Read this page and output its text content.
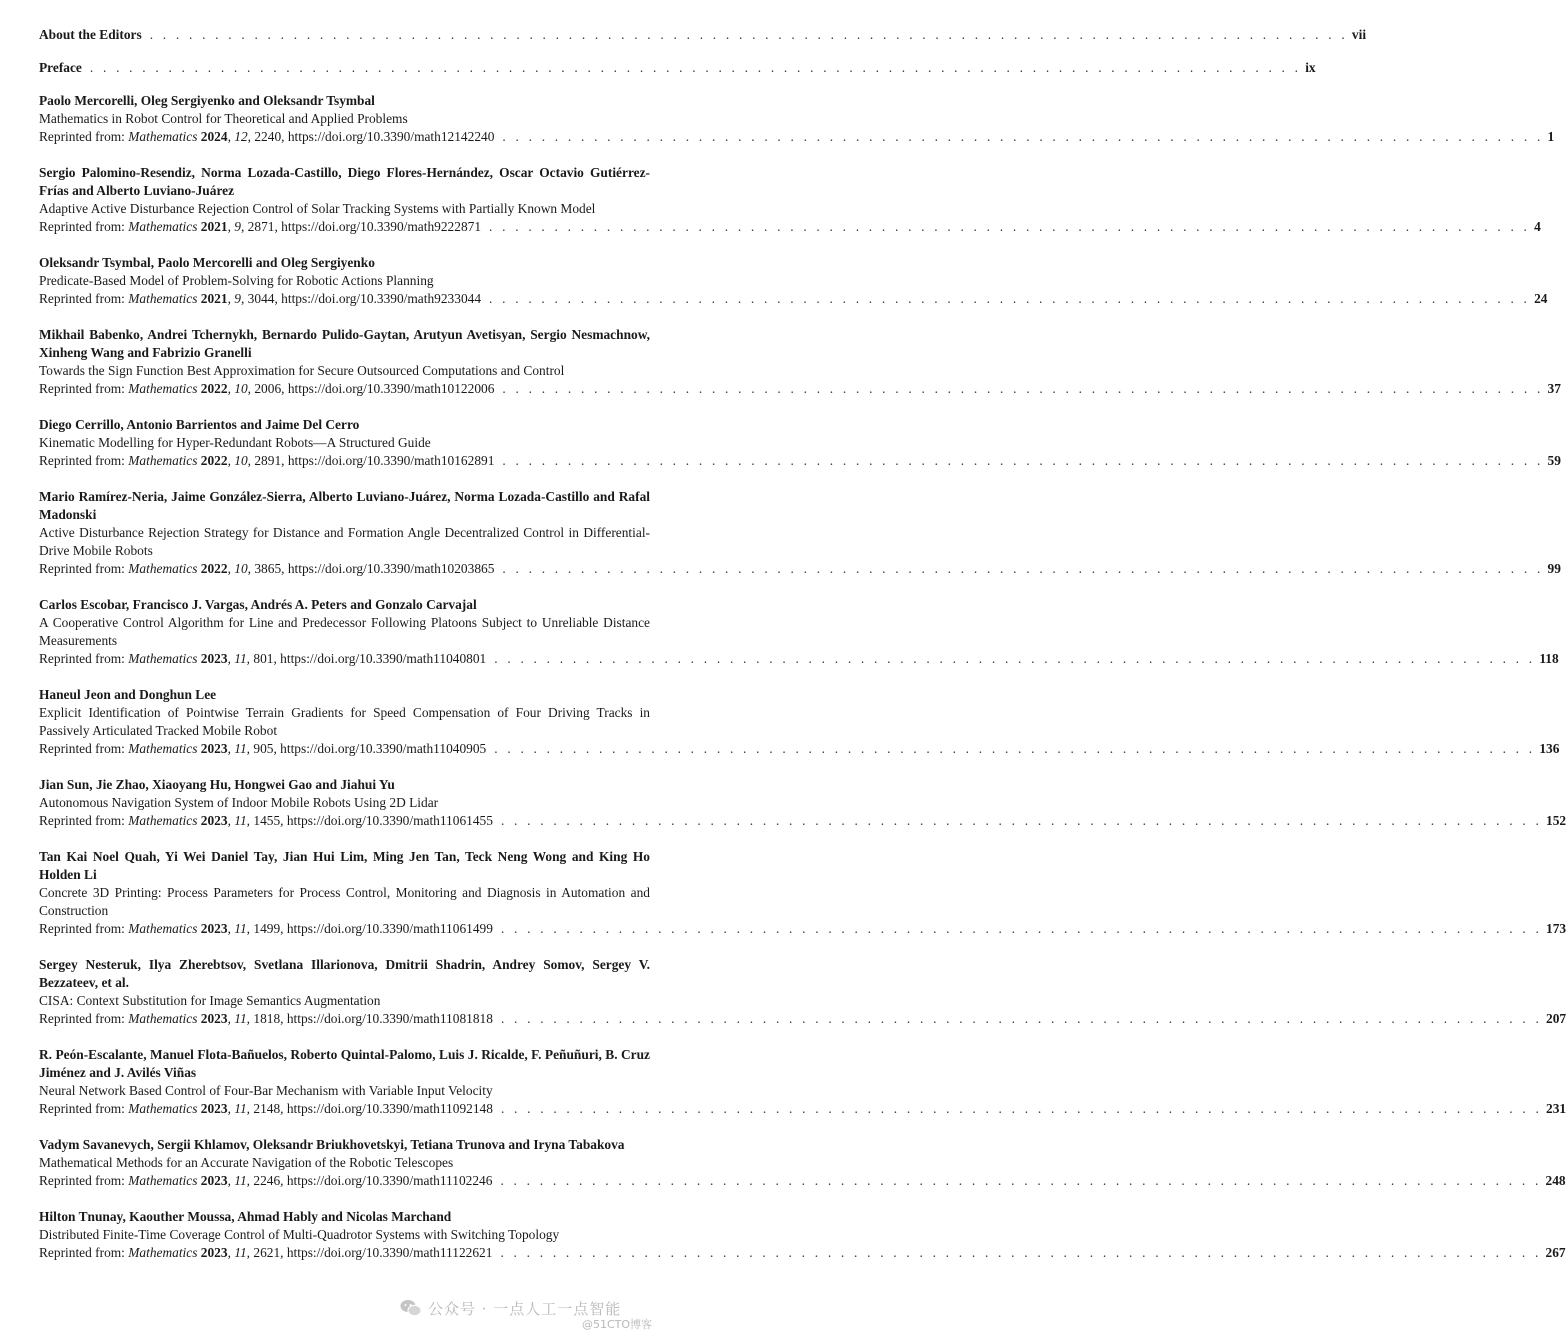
About the Editors . . . . . . . . . . . . . . . . . . . . . . . . . . . . . . . . . . . . . . . . . . . . . . . . . . . . . . . . . . . . . . . . . . . . . . . . . . . . . . . . . . . . . . . . . . . . vii
Preface . . . . . . . . . . . . . . . . . . . . . . . . . . . . . . . . . . . . . . . . . . . . . . . . . . . . . . . . . . . . . . . . . . . . . . . . . . . . . . . . . . . . . . . . . . . . . ix
Paolo Mercorelli, Oleg Sergiyenko and Oleksandr Tsymbal
Mathematics in Robot Control for Theoretical and Applied Problems
Reprinted from: Mathematics 2024, 12, 2240, https://doi.org/10.3390/math12142240 . . . . . . . . . . . . . . . . . . . . . . . . . . . . . . . . . . . . . . . . . . . . . . . . . . . . . . . . . . . . . . . . . . . . . . . . . . . . . . . . 1
Sergio Palomino-Resendiz, Norma Lozada-Castillo, Diego Flores-Hernández, Oscar Octavio Gutiérrez-Frías and Alberto Luviano-Juárez
Adaptive Active Disturbance Rejection Control of Solar Tracking Systems with Partially Known Model
Reprinted from: Mathematics 2021, 9, 2871, https://doi.org/10.3390/math9222871 . . . . . . . . . . . . . . . . . . . . . . . . . . . . . . . . . . . . . . . . . . . . . . . . . . . . . . . . . . . . . . . . . . . . . . . . . . . . . . . . 4
Oleksandr Tsymbal, Paolo Mercorelli and Oleg Sergiyenko
Predicate-Based Model of Problem-Solving for Robotic Actions Planning
Reprinted from: Mathematics 2021, 9, 3044, https://doi.org/10.3390/math9233044 . . . . . . . . . . . . . . . . . . . . . . . . . . . . . . . . . . . . . . . . . . . . . . . . . . . . . . . . . . . . . . . . . . . . . . . . . . . . . . . . 24
Mikhail Babenko, Andrei Tchernykh, Bernardo Pulido-Gaytan, Arutyun Avetisyan, Sergio Nesmachnow, Xinheng Wang and Fabrizio Granelli
Towards the Sign Function Best Approximation for Secure Outsourced Computations and Control
Reprinted from: Mathematics 2022, 10, 2006, https://doi.org/10.3390/math10122006 . . . . . . . . . . . . . . . . . . . . . . . . . . . . . . . . . . . . . . . . . . . . . . . . . . . . . . . . . . . . . . . . . . . . . . . . . . . . . . . . 37
Diego Cerrillo, Antonio Barrientos and Jaime Del Cerro
Kinematic Modelling for Hyper-Redundant Robots—A Structured Guide
Reprinted from: Mathematics 2022, 10, 2891, https://doi.org/10.3390/math10162891 . . . . . . . . . . . . . . . . . . . . . . . . . . . . . . . . . . . . . . . . . . . . . . . . . . . . . . . . . . . . . . . . . . . . . . . . . . . . . . . . 59
Mario Ramírez-Neria, Jaime González-Sierra, Alberto Luviano-Juárez, Norma Lozada-Castillo and Rafal Madonski
Active Disturbance Rejection Strategy for Distance and Formation Angle Decentralized Control in Differential-Drive Mobile Robots
Reprinted from: Mathematics 2022, 10, 3865, https://doi.org/10.3390/math10203865 . . . . . . . . . . . . . . . . . . . . . . . . . . . . . . . . . . . . . . . . . . . . . . . . . . . . . . . . . . . . . . . . . . . . . . . . . . . . . . . . 99
Carlos Escobar, Francisco J. Vargas, Andrés A. Peters and Gonzalo Carvajal
A Cooperative Control Algorithm for Line and Predecessor Following Platoons Subject to Unreliable Distance Measurements
Reprinted from: Mathematics 2023, 11, 801, https://doi.org/10.3390/math11040801 . . . . . . . . . . . . . . . . . . . . . . . . . . . . . . . . . . . . . . . . . . . . . . . . . . . . . . . . . . . . . . . . . . . . . . . . . . . . . . . . 118
Haneul Jeon and Donghun Lee
Explicit Identification of Pointwise Terrain Gradients for Speed Compensation of Four Driving Tracks in Passively Articulated Tracked Mobile Robot
Reprinted from: Mathematics 2023, 11, 905, https://doi.org/10.3390/math11040905 . . . . . . . . . . . . . . . . . . . . . . . . . . . . . . . . . . . . . . . . . . . . . . . . . . . . . . . . . . . . . . . . . . . . . . . . . . . . . . . . 136
Jian Sun, Jie Zhao, Xiaoyang Hu, Hongwei Gao and Jiahui Yu
Autonomous Navigation System of Indoor Mobile Robots Using 2D Lidar
Reprinted from: Mathematics 2023, 11, 1455, https://doi.org/10.3390/math11061455 . . . . . . . . . . . . . . . . . . . . . . . . . . . . . . . . . . . . . . . . . . . . . . . . . . . . . . . . . . . . . . . . . . . . . . . . . . . . . . . . 152
Tan Kai Noel Quah, Yi Wei Daniel Tay, Jian Hui Lim, Ming Jen Tan, Teck Neng Wong and King Ho Holden Li
Concrete 3D Printing: Process Parameters for Process Control, Monitoring and Diagnosis in Automation and Construction
Reprinted from: Mathematics 2023, 11, 1499, https://doi.org/10.3390/math11061499 . . . . . . . . . . . . . . . . . . . . . . . . . . . . . . . . . . . . . . . . . . . . . . . . . . . . . . . . . . . . . . . . . . . . . . . . . . . . . . . . 173
Sergey Nesteruk, Ilya Zherebtsov, Svetlana Illarionova, Dmitrii Shadrin, Andrey Somov, Sergey V. Bezzateev, et al.
CISA: Context Substitution for Image Semantics Augmentation
Reprinted from: Mathematics 2023, 11, 1818, https://doi.org/10.3390/math11081818 . . . . . . . . . . . . . . . . . . . . . . . . . . . . . . . . . . . . . . . . . . . . . . . . . . . . . . . . . . . . . . . . . . . . . . . . . . . . . . . . 207
R. Peón-Escalante, Manuel Flota-Bañuelos, Roberto Quintal-Palomo, Luis J. Ricalde, F. Peñuñuri, B. Cruz Jiménez and J. Avilés Viñas
Neural Network Based Control of Four-Bar Mechanism with Variable Input Velocity
Reprinted from: Mathematics 2023, 11, 2148, https://doi.org/10.3390/math11092148 . . . . . . . . . . . . . . . . . . . . . . . . . . . . . . . . . . . . . . . . . . . . . . . . . . . . . . . . . . . . . . . . . . . . . . . . . . . . . . . . 231
Vadym Savanevych, Sergii Khlamov, Oleksandr Briukhovetskyi, Tetiana Trunova and Iryna Tabakova
Mathematical Methods for an Accurate Navigation of the Robotic Telescopes
Reprinted from: Mathematics 2023, 11, 2246, https://doi.org/10.3390/math11102246 . . . . . . . . . . . . . . . . . . . . . . . . . . . . . . . . . . . . . . . . . . . . . . . . . . . . . . . . . . . . . . . . . . . . . . . . . . . . . . . . 248
Hilton Tnunay, Kaouther Moussa, Ahmad Hably and Nicolas Marchand
Distributed Finite-Time Coverage Control of Multi-Quadrotor Systems with Switching Topology
Reprinted from: Mathematics 2023, 11, 2621, https://doi.org/10.3390/math11122621 . . . . . . . . . . . . . . . . . . . . . . . . . . . . . . . . . . . . . . . . . . . . . . . . . . . . . . . . . . . . . . . . . . . . . . . . . . . . . . . . 267
公众号 · 一点人工一点智能
@51CTO博客
